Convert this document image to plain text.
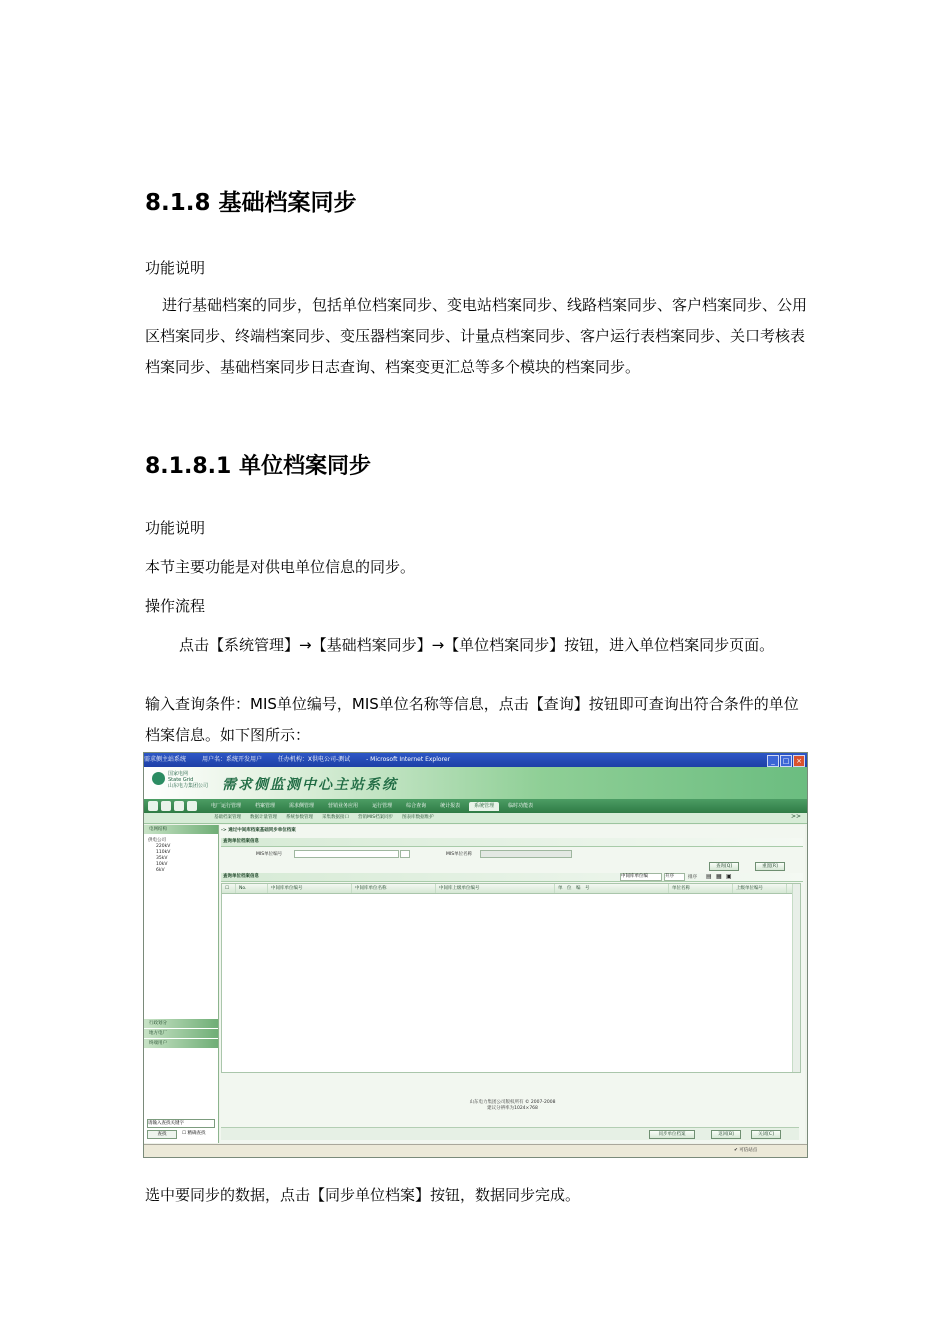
8.1.8 基础档案同步
功能说明
进行基础档案的同步，包括单位档案同步、变电站档案同步、线路档案同步、客户档案同步、公用区档案同步、终端档案同步、变压器档案同步、计量点档案同步、客户运行表档案同步、关口考核表档案同步、基础档案同步日志查询、档案变更汇总等多个模块的档案同步。
8.1.8.1 单位档案同步
功能说明
本节主要功能是对供电单位信息的同步。
操作流程
点击【系统管理】→【基础档案同步】→【单位档案同步】按钮，进入单位档案同步页面。
输入查询条件：MIS单位编号，MIS单位名称等信息，点击【查询】按钮即可查询出符合条件的单位档案信息。如下图所示：
需求侧主站系统	用户名：系统开发用户	任办机构：X供电公司-测试	- Microsoft Internet Explorer	_	□ ×
国家电网
State Grid
山东电力集团公司 需求侧监测中心主站系统
电厂运行管理	档案管理	需求侧管理	营销业务应用	运行管理	综合查询	统计报表	系统管理	临时功能表
基础档案管理 数据计量管理 系统参数管理 采集数据接口 营销MIS档案同步 图表库数据维护	>>
电网结构
供电公司
220kV
110kV
35kV
10kV
6kV
行政划分
地方电厂
终端用户
请输入查找关键字
查找	☐ 精确查找
-> 通过中间库档案基础同步单位档案
查询单位档案信息
MIS单位编号	MIS单位名称
查询[Q]	重置[R]
查询单位档案信息	中间库单位编	升序	排序 ▤ ▦ ▣
☐	No.	中间库单位编号	中间库单位名称	中间库上级单位编号	单　位　编　号	单位名称	上级单位编号
同步单位档案	返回[B]	关闭[C]
✔ 可信站点
山东电力集团公司版权所有 © 2007-2008
建议分辨率为1024×768
选中要同步的数据，点击【同步单位档案】按钮，数据同步完成。
